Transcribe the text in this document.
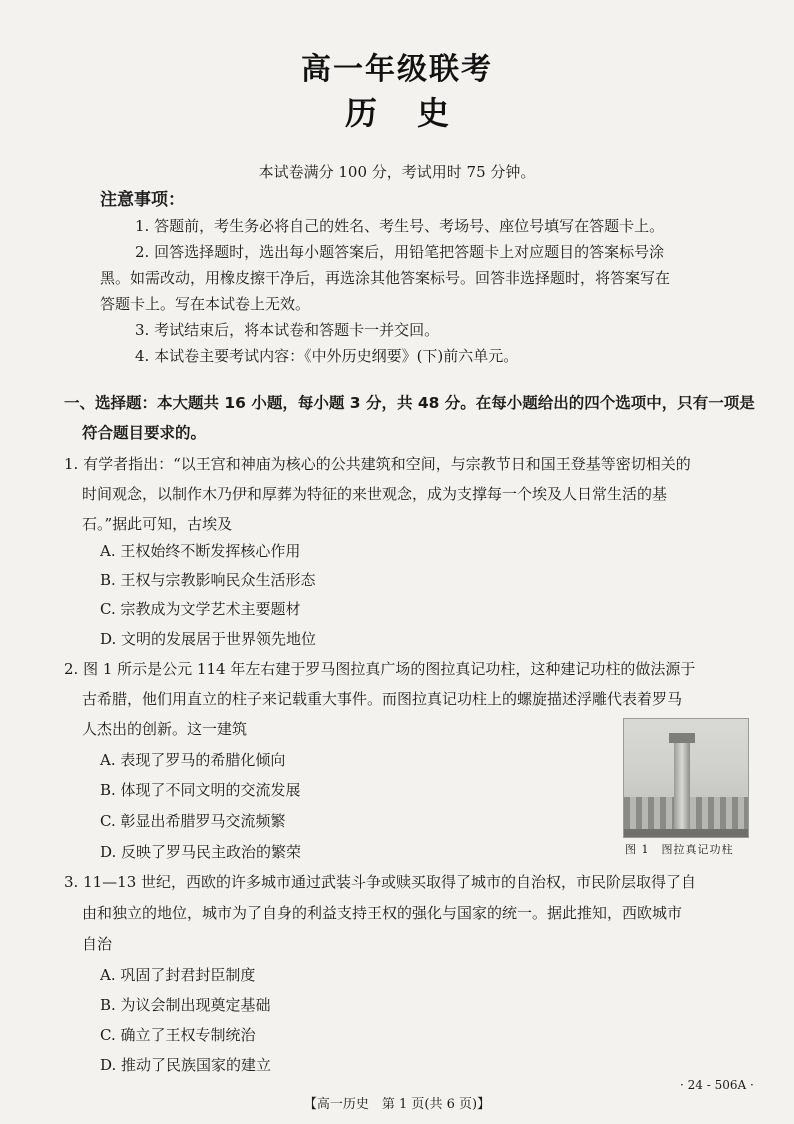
高一年级联考
历史
本试卷满分 100 分，考试用时 75 分钟。
注意事项：
1. 答题前，考生务必将自己的姓名、考生号、考场号、座位号填写在答题卡上。
2. 回答选择题时，选出每小题答案后，用铅笔把答题卡上对应题目的答案标号涂
黑。如需改动，用橡皮擦干净后，再选涂其他答案标号。回答非选择题时，将答案写在
答题卡上。写在本试卷上无效。
3. 考试结束后，将本试卷和答题卡一并交回。
4. 本试卷主要考试内容：《中外历史纲要》(下)前六单元。
一、选择题：本大题共 16 小题，每小题 3 分，共 48 分。在每小题给出的四个选项中，只有一项是
符合题目要求的。
1. 有学者指出：“以王宫和神庙为核心的公共建筑和空间，与宗教节日和国王登基等密切相关的
时间观念，以制作木乃伊和厚葬为特征的来世观念，成为支撑每一个埃及人日常生活的基
石。”据此可知，古埃及
A. 王权始终不断发挥核心作用
B. 王权与宗教影响民众生活形态
C. 宗教成为文学艺术主要题材
D. 文明的发展居于世界领先地位
2. 图 1 所示是公元 114 年左右建于罗马图拉真广场的图拉真记功柱，这种建记功柱的做法源于
古希腊，他们用直立的柱子来记载重大事件。而图拉真记功柱上的螺旋描述浮雕代表着罗马
人杰出的创新。这一建筑
A. 表现了罗马的希腊化倾向
B. 体现了不同文明的交流发展
C. 彰显出希腊罗马交流频繁
D. 反映了罗马民主政治的繁荣	图 1　图拉真记功柱
3. 11—13 世纪，西欧的许多城市通过武装斗争或赎买取得了城市的自治权，市民阶层取得了自
由和独立的地位，城市为了自身的利益支持王权的强化与国家的统一。据此推知，西欧城市
自治
A. 巩固了封君封臣制度
B. 为议会制出现奠定基础
C. 确立了王权专制统治
D. 推动了民族国家的建立
· 24 - 506A ·
【高一历史　第 1 页(共 6 页)】
